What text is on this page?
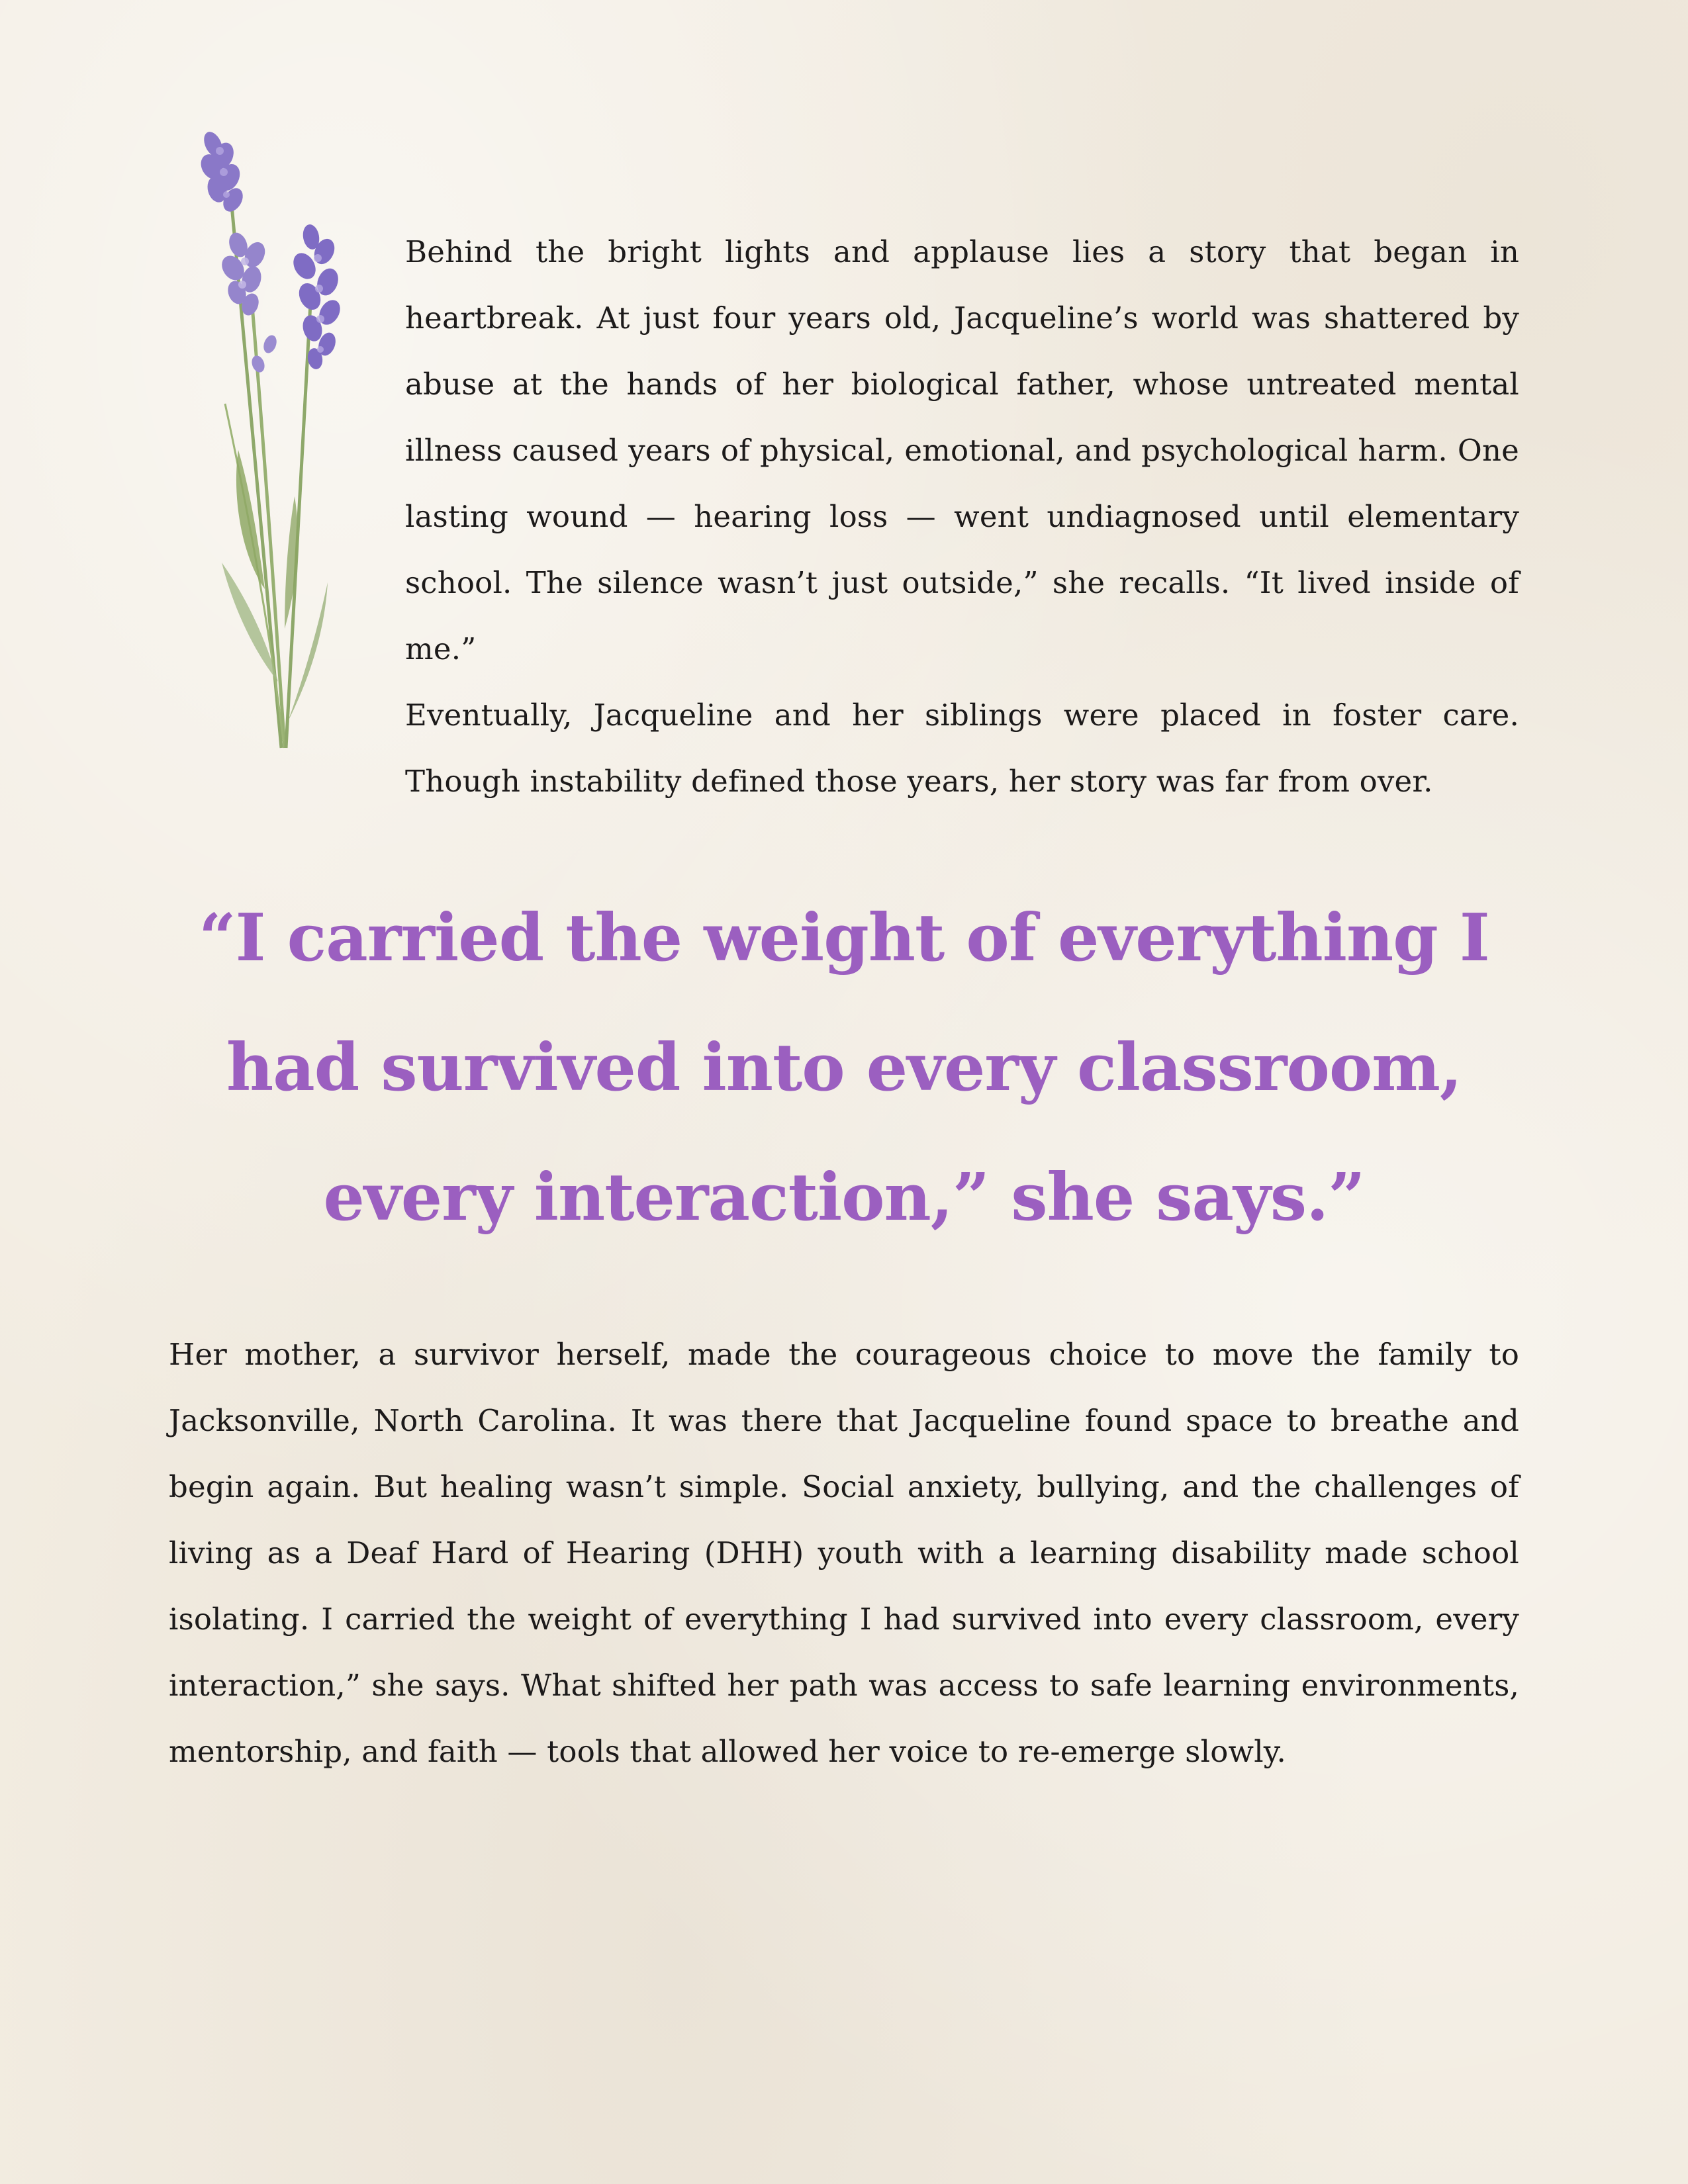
Behind the bright lights and applause lies a story that began in heartbreak. At just four years old, Jacqueline’s world was shattered by abuse at the hands of her biological father, whose untreated mental illness caused years of physical, emotional, and psychological harm. One lasting wound — hearing loss — went undiagnosed until elementary school. The silence wasn’t just outside,” she recalls. “It lived inside of me.”

Eventually, Jacqueline and her siblings were placed in foster care. Though instability defined those years, her story was far from over.

“I carried the weight of everything I had survived into every classroom, every interaction,” she says.”

Her mother, a survivor herself, made the courageous choice to move the family to Jacksonville, North Carolina. It was there that Jacqueline found space to breathe and begin again. But healing wasn’t simple. Social anxiety, bullying, and the challenges of living as a Deaf Hard of Hearing (DHH) youth with a learning disability made school isolating. I carried the weight of everything I had survived into every classroom, every interaction,” she says. What shifted her path was access to safe learning environments, mentorship, and faith — tools that allowed her voice to re-emerge slowly.
